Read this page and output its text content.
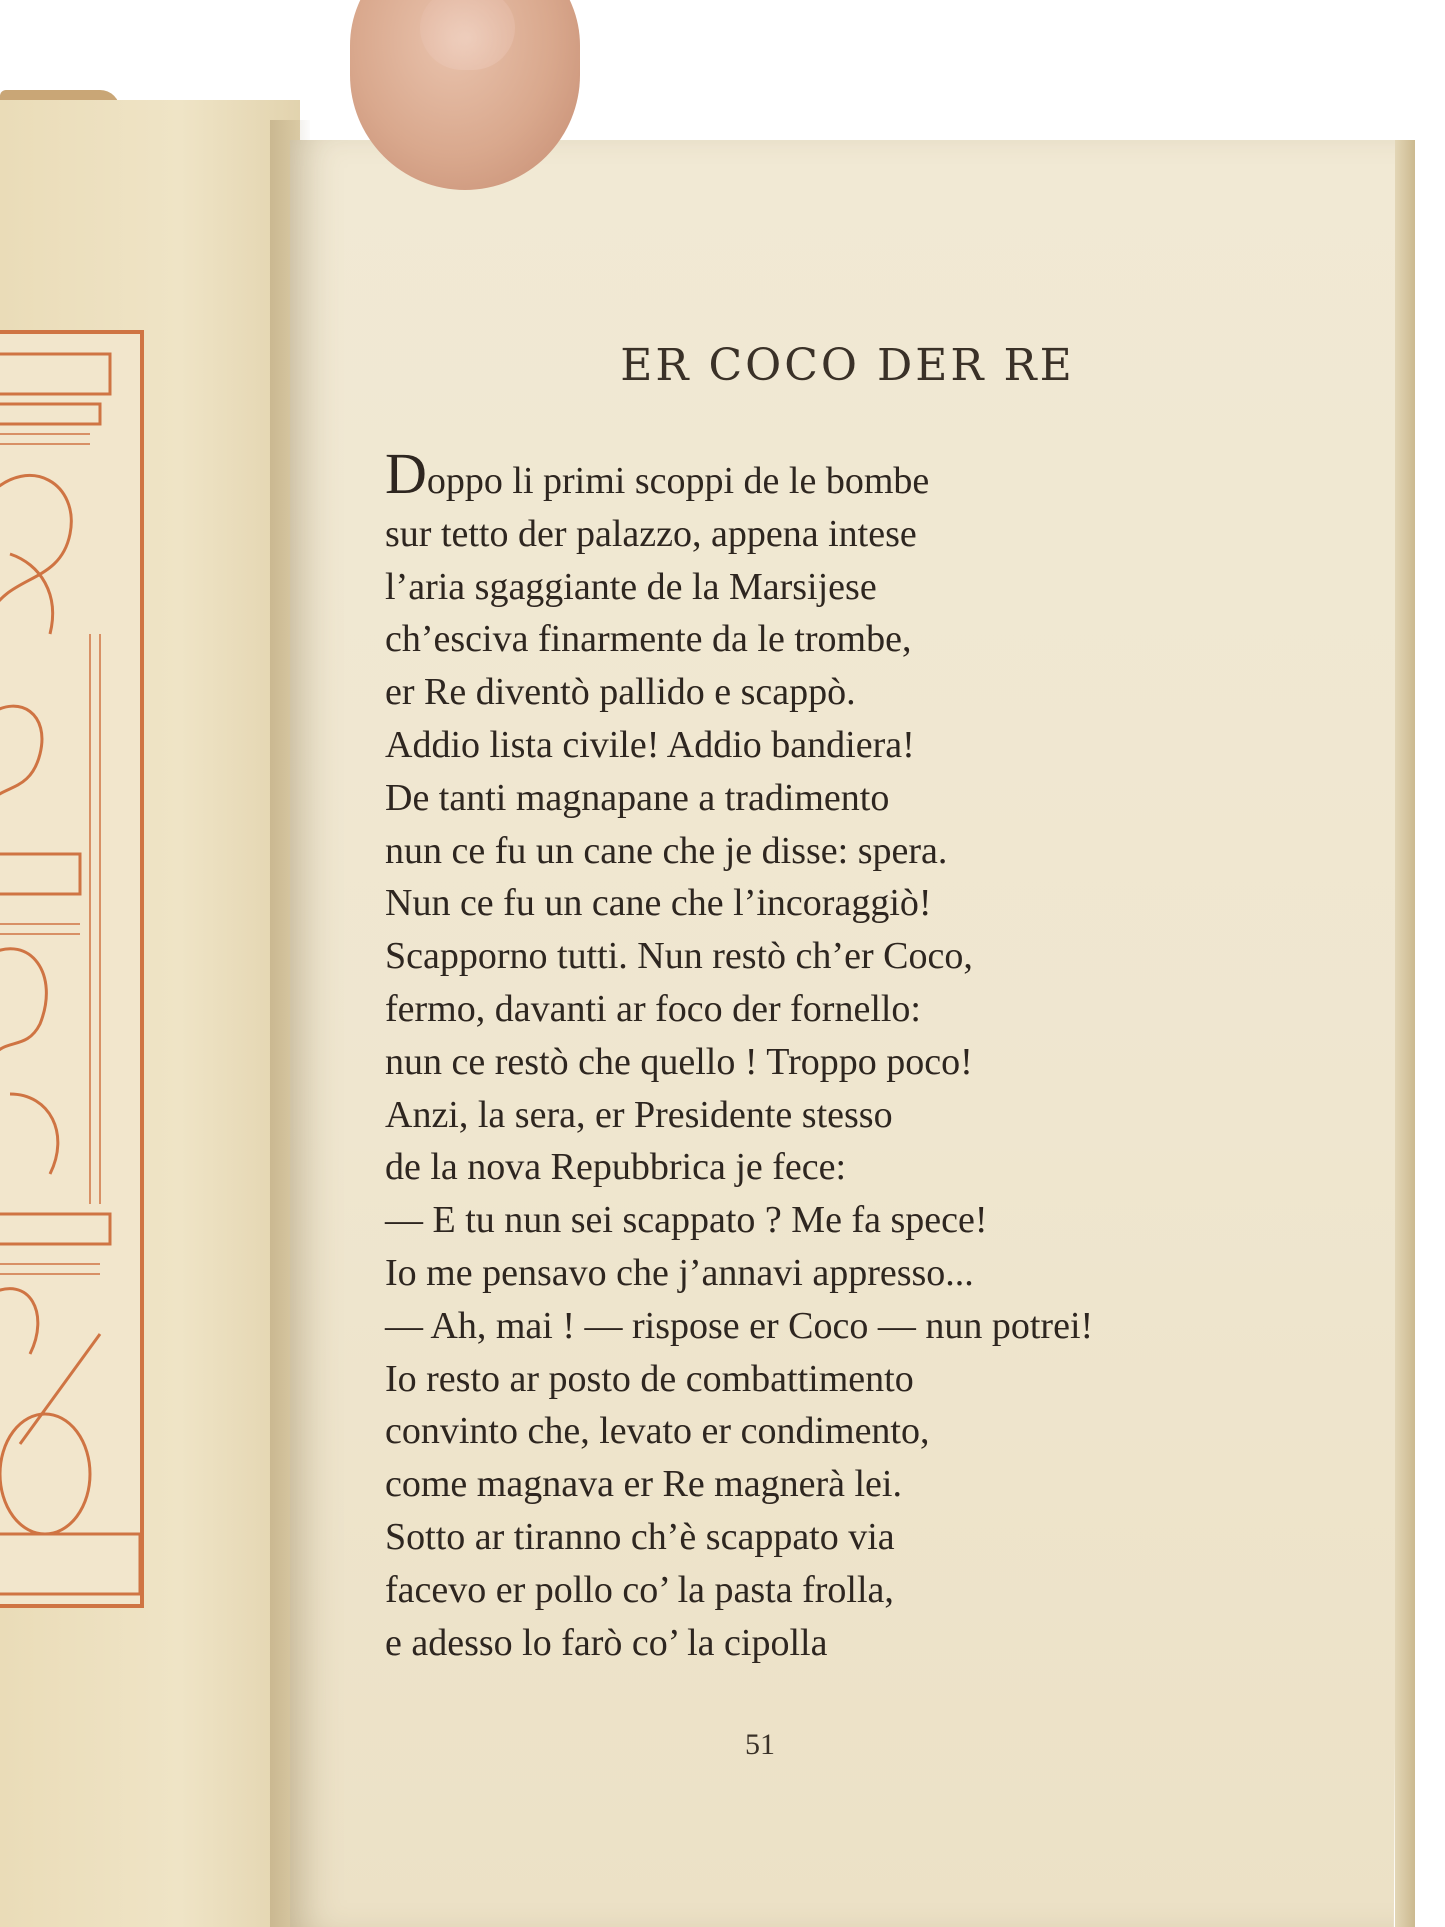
ER COCO DER RE
Doppo li primi scoppi de le bombe
sur tetto der palazzo, appena intese
l’aria sgaggiante de la Marsijese
ch’esciva finarmente da le trombe,
er Re diventò pallido e scappò.
Addio lista civile! Addio bandiera!
De tanti magnapane a tradimento
nun ce fu un cane che je disse: spera.
Nun ce fu un cane che l’incoraggiò!
Scapporno tutti. Nun restò ch’er Coco,
fermo, davanti ar foco der fornello:
nun ce restò che quello ! Troppo poco!
Anzi, la sera, er Presidente stesso
de la nova Repubbrica je fece:
— E tu nun sei scappato ? Me fa spece!
Io me pensavo che j’annavi appresso...
— Ah, mai ! — rispose er Coco — nun potrei!
Io resto ar posto de combattimento
convinto che, levato er condimento,
come magnava er Re magnerà lei.
Sotto ar tiranno ch’è scappato via
facevo er pollo co’ la pasta frolla,
e adesso lo farò co’ la cipolla
51
